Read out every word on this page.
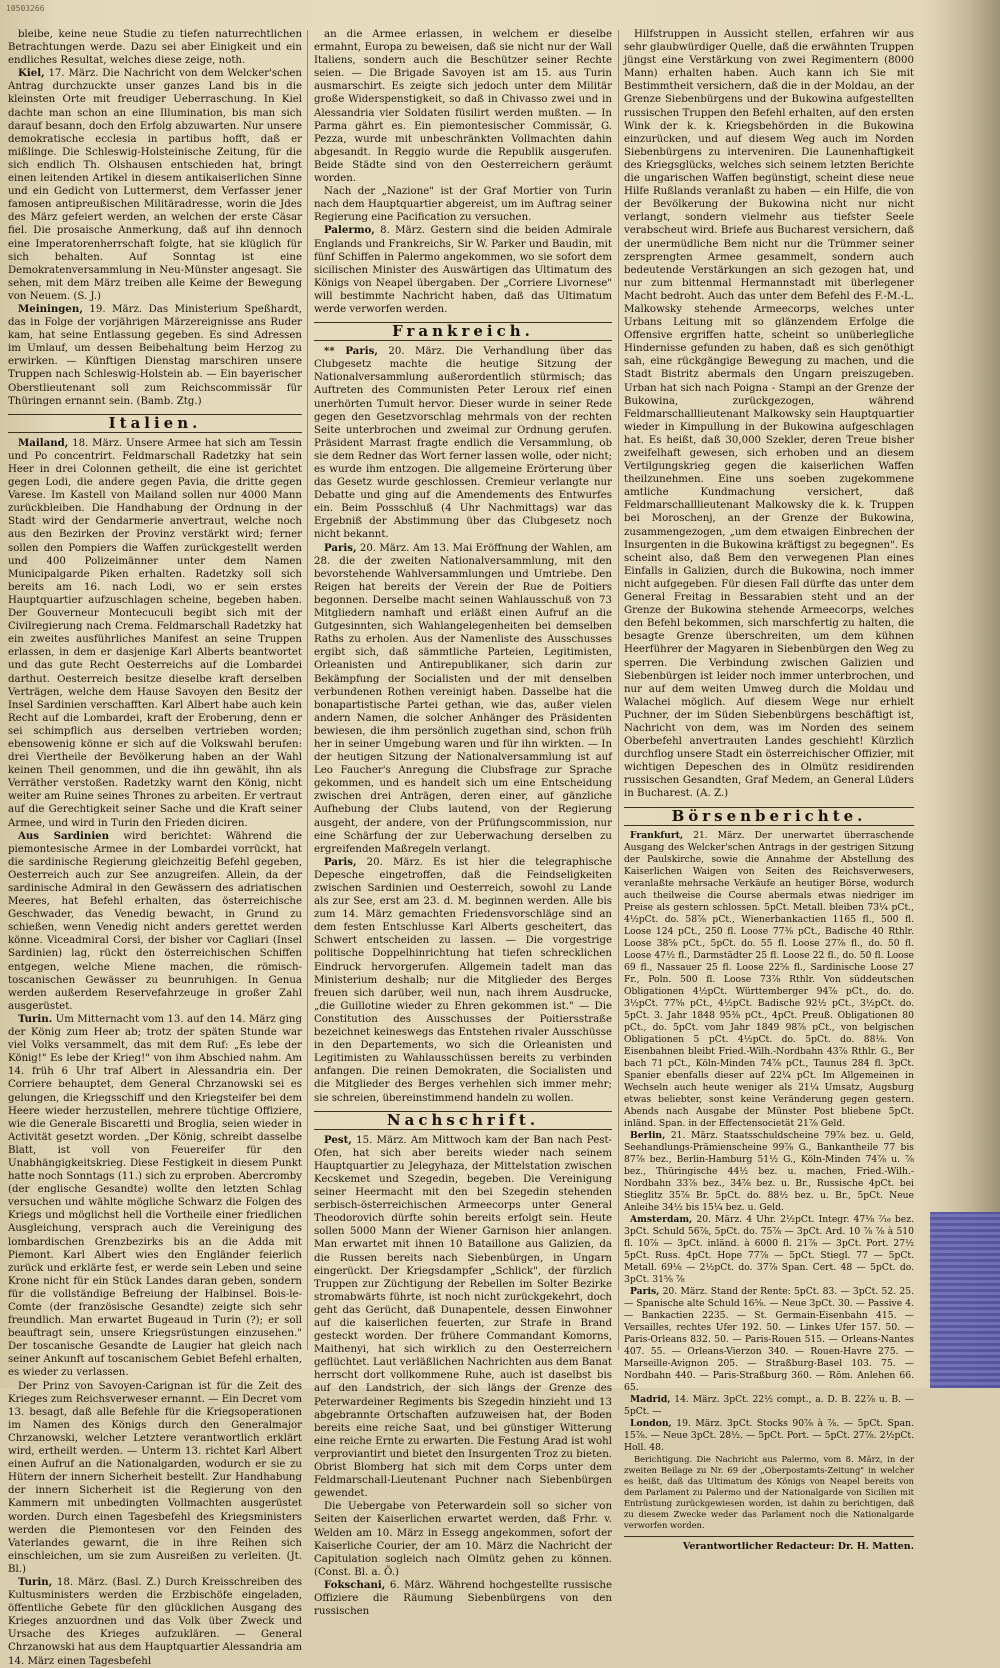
10503266

bleibe, keine neue Studie zu tiefen naturrechtlichen Betrachtungen werde. Dazu sei aber Einigkeit und ein endliches Resultat, welches diese zeige, noth.

Kiel, 17. März. Die Nachricht von dem Welcker'schen Antrag durchzuckte unser ganzes Land bis in die kleinsten Orte mit freudiger Ueberraschung. In Kiel dachte man schon an eine Illumination, bis man sich darauf besann, doch den Erfolg abzuwarten. Nur unsere demokratische ecclesia in partibus hofft, daß er mißlinge. Die Schleswig-Holsteinische Zeitung, für die sich endlich Th. Olshausen entschieden hat, bringt einen leitenden Artikel in diesem antikaiserlichen Sinne und ein Gedicht von Luttermerst, dem Verfasser jener famosen antipreußischen Militäradresse, worin die Jdes des März gefeiert werden, an welchen der erste Cäsar fiel. Die prosaische Anmerkung, daß auf ihn dennoch eine Imperatorenherrschaft folgte, hat sie klüglich für sich behalten. Auf Sonntag ist eine Demokratenversammlung in Neu-Münster angesagt. Sie sehen, mit dem März treiben alle Keime der Bewegung von Neuem. (S. J.)

Meiningen, 19. März. Das Ministerium Speßhardt, das in Folge der vorjährigen Märzereignisse ans Ruder kam, hat seine Entlassung gegeben. Es sind Adressen im Umlauf, um dessen Beibehaltung beim Herzog zu erwirken. — Künftigen Dienstag marschiren unsere Truppen nach Schleswig-Holstein ab. — Ein bayerischer Oberstlieutenant soll zum Reichscommissär für Thüringen ernannt sein. (Bamb. Ztg.)

Italien.

Mailand, 18. März. Unsere Armee hat sich am Tessin und Po concentrirt. Feldmarschall Radetzky hat sein Heer in drei Colonnen getheilt, die eine ist gerichtet gegen Lodi, die andere gegen Pavia, die dritte gegen Varese. Im Kastell von Mailand sollen nur 4000 Mann zurückbleiben. Die Handhabung der Ordnung in der Stadt wird der Gendarmerie anvertraut, welche noch aus den Bezirken der Provinz verstärkt wird; ferner sollen den Pompiers die Waffen zurückgestellt werden und 400 Polizeimänner unter dem Namen Municipalgarde Piken erhalten. Radetzky soll sich bereits am 16. nach Lodi, wo er sein erstes Hauptquartier aufzuschlagen scheine, begeben haben. Der Gouverneur Montecuculi begibt sich mit der Civilregierung nach Crema. Feldmarschall Radetzky hat ein zweites ausführliches Manifest an seine Truppen erlassen, in dem er dasjenige Karl Alberts beantwortet und das gute Recht Oesterreichs auf die Lombardei darthut. Oesterreich besitze dieselbe kraft derselben Verträgen, welche dem Hause Savoyen den Besitz der Insel Sardinien verschafften. Karl Albert habe auch kein Recht auf die Lombardei, kraft der Eroberung, denn er sei schimpflich aus derselben vertrieben worden; ebensowenig könne er sich auf die Volkswahl berufen: drei Viertheile der Bevölkerung haben an der Wahl keinen Theil genommen, und die ihn gewählt, ihn als Verräther verstoßen. Radetzky warnt den König, nicht weiter am Ruine seines Thrones zu arbeiten. Er vertraut auf die Gerechtigkeit seiner Sache und die Kraft seiner Armee, und wird in Turin den Frieden diciren.

Aus Sardinien wird berichtet: Während die piemontesische Armee in der Lombardei vorrückt, hat die sardinische Regierung gleichzeitig Befehl gegeben, Oesterreich auch zur See anzugreifen. Allein, da der sardinische Admiral in den Gewässern des adriatischen Meeres, hat Befehl erhalten, das österreichische Geschwader, das Venedig bewacht, in Grund zu schießen, wenn Venedig nicht anders gerettet werden könne. Viceadmiral Corsi, der bisher vor Cagliari (Insel Sardinien) lag, rückt den österreichischen Schiffen entgegen, welche Miene machen, die römisch-toscanischen Gewässer zu beunruhigen. In Genua werden außerdem Reservefahrzeuge in großer Zahl ausgerüstet.

Turin. Um Mitternacht vom 13. auf den 14. März ging der König zum Heer ab; trotz der späten Stunde war viel Volks versammelt, das mit dem Ruf: „Es lebe der König!" Es lebe der Krieg!" von ihm Abschied nahm. Am 14. früh 6 Uhr traf Albert in Alessandria ein. Der Corriere behauptet, dem General Chrzanowski sei es gelungen, die Kriegsschiff und den Kriegsteifer bei dem Heere wieder herzustellen, mehrere tüchtige Offiziere, wie die Generale Biscaretti und Broglia, seien wieder in Activität gesetzt worden. „Der König, schreibt dasselbe Blatt, ist voll von Feuereifer für den Unabhängigkeitskrieg. Diese Festigkeit in diesem Punkt hatte noch Sonntags (11.) sich zu erproben. Abercromby (der englische Gesandte) wollte den letzten Schlag versuchen und wählte mögliche Schwarz die Folgen des Kriegs und möglichst hell die Vortheile einer friedlichen Ausgleichung, versprach auch die Vereinigung des lombardischen Grenzbezirks bis an die Adda mit Piemont. Karl Albert wies den Engländer feierlich zurück und erklärte fest, er werde sein Leben und seine Krone nicht für ein Stück Landes daran geben, sondern für die vollständige Befreiung der Halbinsel. Bois-le-Comte (der französische Gesandte) zeigte sich sehr freundlich. Man erwartet Bugeaud in Turin (?); er soll beauftragt sein, unsere Kriegsrüstungen einzusehen." Der toscanische Gesandte de Laugier hat gleich nach seiner Ankunft auf toscanischem Gebiet Befehl erhalten, es wieder zu verlassen.

Der Prinz von Savoyen-Carignan ist für die Zeit des Krieges zum Reichsverweser ernannt. — Ein Decret vom 13. besagt, daß alle Befehle für die Kriegsoperationen im Namen des Königs durch den Generalmajor Chrzanowski, welcher Letztere verantwortlich erklärt wird, ertheilt werden. — Unterm 13. richtet Karl Albert einen Aufruf an die Nationalgarden, wodurch er sie zu Hütern der innern Sicherheit bestellt. Zur Handhabung der innern Sicherheit ist die Regierung von den Kammern mit unbedingten Vollmachten ausgerüstet worden. Durch einen Tagesbefehl des Kriegsministers werden die Piemontesen vor den Feinden des Vaterlandes gewarnt, die in ihre Reihen sich einschleichen, um sie zum Ausreißen zu verleiten. (Jt. Bl.)

Turin, 18. März. (Basl. Z.) Durch Kreisschreiben des Kultusministers werden die Erzbischöfe eingeladen, öffentliche Gebete für den glücklichen Ausgang des Krieges anzuordnen und das Volk über Zweck und Ursache des Krieges aufzuklären. — General Chrzanowski hat aus dem Hauptquartier Alessandria am 14. März einen Tagesbefehl

an die Armee erlassen, in welchem er dieselbe ermahnt, Europa zu beweisen, daß sie nicht nur der Wall Italiens, sondern auch die Beschützer seiner Rechte seien. — Die Brigade Savoyen ist am 15. aus Turin ausmarschirt. Es zeigte sich jedoch unter dem Militär große Widerspenstigkeit, so daß in Chivasso zwei und in Alessandria vier Soldaten füsilirt werden mußten. — In Parma gährt es. Ein piemontesischer Commissär, G. Pezza, wurde mit unbeschränkten Vollmachten dahin abgesandt. In Reggio wurde die Republik ausgerufen. Beide Städte sind von den Oesterreichern geräumt worden.

Nach der „Nazione" ist der Graf Mortier von Turin nach dem Hauptquartier abgereist, um im Auftrag seiner Regierung eine Pacification zu versuchen.

Palermo, 8. März. Gestern sind die beiden Admirale Englands und Frankreichs, Sir W. Parker und Baudin, mit fünf Schiffen in Palermo angekommen, wo sie sofort dem sicilischen Minister des Auswärtigen das Ultimatum des Königs von Neapel übergaben. Der „Corriere Livornese" will bestimmte Nachricht haben, daß das Ultimatum werde verworfen werden.

Frankreich.

** Paris, 20. März. Die Verhandlung über das Clubgesetz machte die heutige Sitzung der Nationalversammlung außerordentlich stürmisch; das Auftreten des Communisten Peter Leroux rief einen unerhörten Tumult hervor. Dieser wurde in seiner Rede gegen den Gesetzvorschlag mehrmals von der rechten Seite unterbrochen und zweimal zur Ordnung gerufen. Präsident Marrast fragte endlich die Versammlung, ob sie dem Redner das Wort ferner lassen wolle, oder nicht; es wurde ihm entzogen. Die allgemeine Erörterung über das Gesetz wurde geschlossen. Cremieur verlangte nur Debatte und ging auf die Amendements des Entwurfes ein. Beim Possschluß (4 Uhr Nachmittags) war das Ergebniß der Abstimmung über das Clubgesetz noch nicht bekannt.

Paris, 20. März. Am 13. Mai Eröffnung der Wahlen, am 28. die der zweiten Nationalversammlung, mit den bevorstehende Wahlversammlungen und Umtriebe. Den Reigen hat bereits der Verein der Rue de Poitiers begonnen. Derselbe macht seinen Wahlausschuß von 73 Mitgliedern namhaft und erläßt einen Aufruf an die Gutgesinnten, sich Wahlangelegenheiten bei demselben Raths zu erholen. Aus der Namenliste des Ausschusses ergibt sich, daß sämmtliche Parteien, Legitimisten, Orleanisten und Antirepublikaner, sich darin zur Bekämpfung der Socialisten und der mit denselben verbundenen Rothen vereinigt haben. Dasselbe hat die bonapartistische Partei gethan, wie das, außer vielen andern Namen, die solcher Anhänger des Präsidenten bewiesen, die ihm persönlich zugethan sind, schon früh her in seiner Umgebung waren und für ihn wirkten. — In der heutigen Sitzung der Nationalversammlung ist auf Leo Faucher's Anregung die Clubsfrage zur Sprache gekommen, und es handelt sich um eine Entscheidung zwischen drei Anträgen, deren einer, auf gänzliche Aufhebung der Clubs lautend, von der Regierung ausgeht, der andere, von der Prüfungscommission, nur eine Schärfung der zur Ueberwachung derselben zu ergreifenden Maßregeln verlangt.

Paris, 20. März. Es ist hier die telegraphische Depesche eingetroffen, daß die Feindseligkeiten zwischen Sardinien und Oesterreich, sowohl zu Lande als zur See, erst am 23. d. M. beginnen werden. Alle bis zum 14. März gemachten Friedensvorschläge sind an dem festen Entschlusse Karl Alberts gescheitert, das Schwert entscheiden zu lassen. — Die vorgestrige politische Doppelhinrichtung hat tiefen schrecklichen Eindruck hervorgerufen. Allgemein tadelt man das Ministerium deshalb; nur die Mitglieder des Berges freuen sich darüber, weil nun, nach ihrem Ausdrucke, „die Guillotine wieder zu Ehren gekommen ist." — Die Constitution des Ausschusses der Poitiersstraße bezeichnet keineswegs das Entstehen rivaler Ausschüsse in den Departements, wo sich die Orleanisten und Legitimisten zu Wahlausschüssen bereits zu verbinden anfangen. Die reinen Demokraten, die Socialisten und die Mitglieder des Berges verhehlen sich immer mehr; sie schreien, übereinstimmend handeln zu wollen.

Nachschrift.

Pest, 15. März. Am Mittwoch kam der Ban nach Pest-Ofen, hat sich aber bereits wieder nach seinem Hauptquartier zu Jelegyhaza, der Mittelstation zwischen Kecskemet und Szegedin, begeben. Die Vereinigung seiner Heermacht mit den bei Szegedin stehenden serbisch-österreichischen Armeecorps unter General Theodorovich dürfte sohin bereits erfolgt sein. Heute sollen 5000 Mann der Wiener Garnison hier anlangen. Man erwartet mit ihnen 10 Bataillone aus Galizien, da die Russen bereits nach Siebenbürgen, in Ungarn eingerückt. Der Kriegsdampfer „Schlick", der fürzlich Truppen zur Züchtigung der Rebellen im Solter Bezirke stromabwärts führte, ist noch nicht zurückgekehrt, doch geht das Gerücht, daß Dunapentele, dessen Einwohner auf die kaiserlichen feuerten, zur Strafe in Brand gesteckt worden. Der frühere Commandant Komorns, Maithenyi, hat sich wirklich zu den Oesterreichern geflüchtet. Laut verläßlichen Nachrichten aus dem Banat herrscht dort vollkommene Ruhe, auch ist daselbst bis auf den Landstrich, der sich längs der Grenze des Peterwardeiner Regiments bis Szegedin hinzieht und 13 abgebrannte Ortschaften aufzuweisen hat, der Boden bereits eine reiche Saat, und bei günstiger Witterung eine reiche Ernte zu erwarten. Die Festung Arad ist wohl verproviantirt und bietet den Insurgenten Troz zu bieten. Obrist Blomberg hat sich mit dem Corps unter dem Feldmarschall-Lieutenant Puchner nach Siebenbürgen gewendet.

Die Uebergabe von Peterwardein soll so sicher von Seiten der Kaiserlichen erwartet werden, daß Frhr. v. Welden am 10. März in Essegg angekommen, sofort der Kaiserliche Courier, der am 10. März die Nachricht der Capitulation sogleich nach Olmütz gehen zu können. (Const. Bl. a. Ö.)

Fokschani, 6. März. Während hochgestellte russische Offiziere die Räumung Siebenbürgens von den russischen

Hilfstruppen in Aussicht stellen, erfahren wir aus sehr glaubwürdiger Quelle, daß die erwähnten Truppen jüngst eine Verstärkung von zwei Regimentern (8000 Mann) erhalten haben. Auch kann ich Sie mit Bestimmtheit versichern, daß die in der Moldau, an der Grenze Siebenbürgens und der Bukowina aufgestellten russischen Truppen den Befehl erhalten, auf den ersten Wink der k. k. Kriegsbehörden in die Bukowina einzurücken, und auf diesem Weg auch im Norden Siebenbürgens zu interveniren. Die Launenhaftigkeit des Kriegsglücks, welches sich seinem letzten Berichte die ungarischen Waffen begünstigt, scheint diese neue Hilfe Rußlands veranlaßt zu haben — ein Hilfe, die von der Bevölkerung der Bukowina nicht nur nicht verlangt, sondern vielmehr aus tiefster Seele verabscheut wird. Briefe aus Bucharest versichern, daß der unermüdliche Bem nicht nur die Trümmer seiner zersprengten Armee gesammelt, sondern auch bedeutende Verstärkungen an sich gezogen hat, und nur zum bittenmal Hermannstadt mit überlegener Macht bedroht. Auch das unter dem Befehl des F.-M.-L. Malkowsky stehende Armeecorps, welches unter Urbans Leitung mit so glänzendem Erfolge die Offensive ergriffen hatte, scheint so unüberlegliche Hindernisse gefunden zu haben, daß es sich genöthigt sah, eine rückgängige Bewegung zu machen, und die Stadt Bistritz abermals den Ungarn preiszugeben. Urban hat sich nach Poigna - Stampi an der Grenze der Bukowina, zurückgezogen, während Feldmarschalllieutenant Malkowsky sein Hauptquartier wieder in Kimpullung in der Bukowina aufgeschlagen hat. Es heißt, daß 30,000 Szekler, deren Treue bisher zweifelhaft gewesen, sich erhoben und an diesem Vertilgungskrieg gegen die kaiserlichen Waffen theilzunehmen. Eine uns soeben zugekommene amtliche Kundmachung versichert, daß Feldmarschalllieutenant Malkowsky die k. k. Truppen bei Moroschenj, an der Grenze der Bukowina, zusammengezogen, „um dem etwaigen Einbrechen der Insurgenten in die Bukowina kräftigst zu begegnen". Es scheint also, daß Bem den verwegenen Plan eines Einfalls in Galizien, durch die Bukowina, noch immer nicht aufgegeben. Für diesen Fall dürfte das unter dem General Freitag in Bessarabien steht und an der Grenze der Bukowina stehende Armeecorps, welches den Befehl bekommen, sich marschfertig zu halten, die besagte Grenze überschreiten, um dem kühnen Heerführer der Magyaren in Siebenbürgen den Weg zu sperren. Die Verbindung zwischen Galizien und Siebenbürgen ist leider noch immer unterbrochen, und nur auf dem weiten Umweg durch die Moldau und Walachei möglich. Auf diesem Wege nur erhielt Puchner, der im Süden Siebenbürgens beschäftigt ist, Nachricht von dem, was im Norden des seinem Oberbefehl anvertrauten Landes geschieht! Kürzlich durchflog unsere Stadt ein österreichischer Offizier, mit wichtigen Depeschen des in Olmütz residirenden russischen Gesandten, Graf Medem, an General Lüders in Bucharest. (A. Z.)

Börsenberichte.

Frankfurt, 21. März. Der unerwartet überraschende Ausgang des Welcker'schen Antrags in der gestrigen Sitzung der Paulskirche, sowie die Annahme der Abstellung des Kaiserlichen Waigen von Seiten des Reichsverwesers, veranlaßte mehrsache Verkäufe an heutiger Börse, wodurch auch theilweise die Course abermals etwas niedriger im Preise als gestern schlossen. 5pCt. Metall. bleiben 73¼ pCt., 4½pCt. do. 58⅞ pCt., Wienerbankactien 1165 fl., 500 fl. Loose 124 pCt., 250 fl. Loose 77⅜ pCt., Badische 40 Rthlr. Loose 38⅝ pCt., 5pCt. do. 55 fl. Loose 27⅞ fl., do. 50 fl. Loose 47½ fl., Darmstädter 25 fl. Loose 22 fl., do. 50 fl. Loose 69 fl., Nassauer 25 fl. Loose 22⅝ fl., Sardinische Loose 27 Fr., Poln. 500 fl. Loose 73⅞ Rthlr. Von süddeutschen Obligationen 4½pCt. Württemberger 94⅞ pCt., do. do. 3½pCt. 77⅝ pCt., 4½pCt. Badische 92½ pCt., 3½pCt. do. 5pCt. 3. Jahr 1848 95⅜ pCt., 4pCt. Preuß. Obligationen 80 pCt., do. 5pCt. vom Jahr 1849 98⅞ pCt., von belgischen Obligationen 5 pCt. 4½pCt. do. 5pCt. do. 88⅛. Von Eisenbahnen bleibt Fried.-Wilh.-Nordbahn 43⅞ Rthlr. G., Ber bach 71 pCt., Köln-Minden 74⅞ pCt., Taunus 284 fl. 3pCt. Spanier ebenfalls dieser auf 22¼ pCt. Im Allgemeinen in Wechseln auch heute weniger als 21¼ Umsatz, Augsburg etwas beliebter, sonst keine Veränderung gegen gestern. Abends nach Ausgabe der Münster Post bliebene 5pCt. inländ. Span. in der Effectensocietät 21⅞ Geld.

Berlin, 21. März. Staatsschuldscheine 79⅞ bez. u. Geld, Seehandlungs-Prämienscheine 99⅞ G., Bankantheile 77 bis 87⅞ bez., Berlin-Hamburg 51½ G., Köln-Minden 74⅞ u. ⅞ bez., Thüringische 44½ bez. u. machen, Fried.-Wilh.-Nordbahn 33⅞ bez., 34⅞ bez. u. Br., Russische 4pCt. bei Stieglitz 35⅞ Br. 5pCt. do. 88½ bez. u. Br., 5pCt. Neue Anleihe 34½ bis 15¼ bez. u. Geld.

Amsterdam, 20. März. 4 Uhr. 2½pCt. Integr. 47⅛ ⁷⁄₁₆ bez. 3pCt. Schuld 56⅞, 5pCt. do. 75⅞ — 3pCt. Ard. 10 ⅞ ⅞ à 510 fl. 10⅞ — 3pCt. inländ. à 6000 fl. 21⅞ — 3pCt. Port. 27½ 5pCt. Russ. 4pCt. Hope 77⅞ — 5pCt. Stiegl. 77 — 5pCt. Metall. 69⅛ — 2½pCt. do. 37⅞ Span. Cert. 48 — 5pCt. do. 3pCt. 31⅝ ⅞

Paris, 20. März. Stand der Rente: 5pCt. 83. — 3pCt. 52. 25. — Spanische alte Schuld 16⅝. — Neue 3pCt. 30. — Passive 4. — Bankactien 2235. — St. Germain-Eisenbahn 415. — Versailles, rechtes Ufer 192. 50. — Linkes Ufer 157. 50. — Paris-Orleans 832. 50. — Paris-Rouen 515. — Orleans-Nantes 407. 55. — Orleans-Vierzon 340. — Rouen-Havre 275. — Marseille-Avignon 205. — Straßburg-Basel 103. 75. — Nordbahn 440. — Paris-Straßburg 360. — Röm. Anlehen 66. 65.

Madrid, 14. März. 3pCt. 22½ compt., a. D. B. 22⅞ u. B. — 5pCt. —

London, 19. März. 3pCt. Stocks 90⅞ à ⅞. — 5pCt. Span. 15⅞. — Neue 3pCt. 28½. — 5pCt. Port. — 5pCt. 27⅞. 2½pCt. Holl. 48.

Berichtigung. Die Nachricht aus Palermo, vom 8. März, in der zweiten Beilage zu Nr. 69 der „Oberpostamts-Zeitung" in welcher es heißt, daß das Ultimatum des Königs von Neapel bereits von dem Parlament zu Palermo und der Nationalgarde von Sicilien mit Entrüstung zurückgewiesen worden, ist dahin zu berichtigen, daß zu diesem Zwecke weder das Parlament noch die Nationalgarde verworfen worden.

Verantwortlicher Redacteur: Dr. H. Matten.
